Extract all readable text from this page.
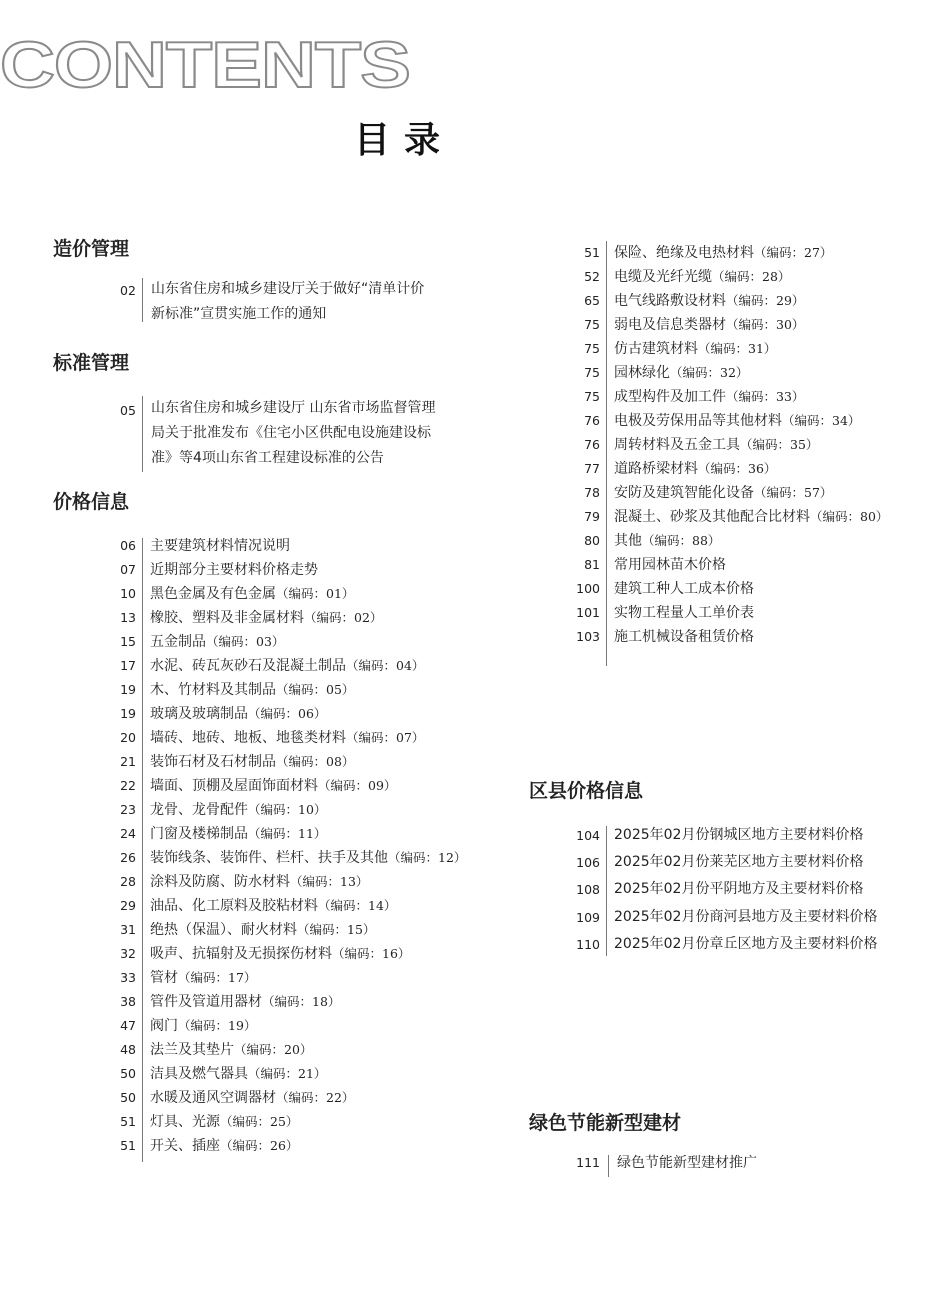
CONTENTS
目录
造价管理
02 山东省住房和城乡建设厅关于做好“清单计价
新标准”宣贯实施工作的通知
标准管理
05 山东省住房和城乡建设厅 山东省市场监督管理
局关于批准发布《住宅小区供配电设施建设标
准》等4项山东省工程建设标准的公告
价格信息
06 主要建筑材料情况说明
07 近期部分主要材料价格走势
10 黑色金属及有色金属（编码：01）
13 橡胶、塑料及非金属材料（编码：02）
15 五金制品（编码：03）
17 水泥、砖瓦灰砂石及混凝土制品（编码：04）
19 木、竹材料及其制品（编码：05）
19 玻璃及玻璃制品（编码：06）
20 墙砖、地砖、地板、地毯类材料（编码：07）
21 装饰石材及石材制品（编码：08）
22 墙面、顶棚及屋面饰面材料（编码：09）
23 龙骨、龙骨配件（编码：10）
24 门窗及楼梯制品（编码：11）
26 装饰线条、装饰件、栏杆、扶手及其他（编码：12）
28 涂料及防腐、防水材料（编码：13）
29 油品、化工原料及胶粘材料（编码：14）
31 绝热（保温）、耐火材料（编码：15）
32 吸声、抗辐射及无损探伤材料（编码：16）
33 管材（编码：17）
38 管件及管道用器材（编码：18）
47 阀门（编码：19）
48 法兰及其垫片（编码：20）
50 洁具及燃气器具（编码：21）
50 水暖及通风空调器材（编码：22）
51 灯具、光源（编码：25）
51 开关、插座（编码：26）
51 保险、绝缘及电热材料（编码：27）
52 电缆及光纤光缆（编码：28）
65 电气线路敷设材料（编码：29）
75 弱电及信息类器材（编码：30）
75 仿古建筑材料（编码：31）
75 园林绿化（编码：32）
75 成型构件及加工件（编码：33）
76 电极及劳保用品等其他材料（编码：34）
76 周转材料及五金工具（编码：35）
77 道路桥梁材料（编码：36）
78 安防及建筑智能化设备（编码：57）
79 混凝土、砂浆及其他配合比材料（编码：80）
80 其他（编码：88）
81 常用园林苗木价格
100 建筑工种人工成本价格
101 实物工程量人工单价表
103 施工机械设备租赁价格
区县价格信息
104 2025年02月份钢城区地方主要材料价格
106 2025年02月份莱芜区地方主要材料价格
108 2025年02月份平阴地方及主要材料价格
109 2025年02月份商河县地方及主要材料价格
110 2025年02月份章丘区地方及主要材料价格
绿色节能新型建材
111 绿色节能新型建材推广
